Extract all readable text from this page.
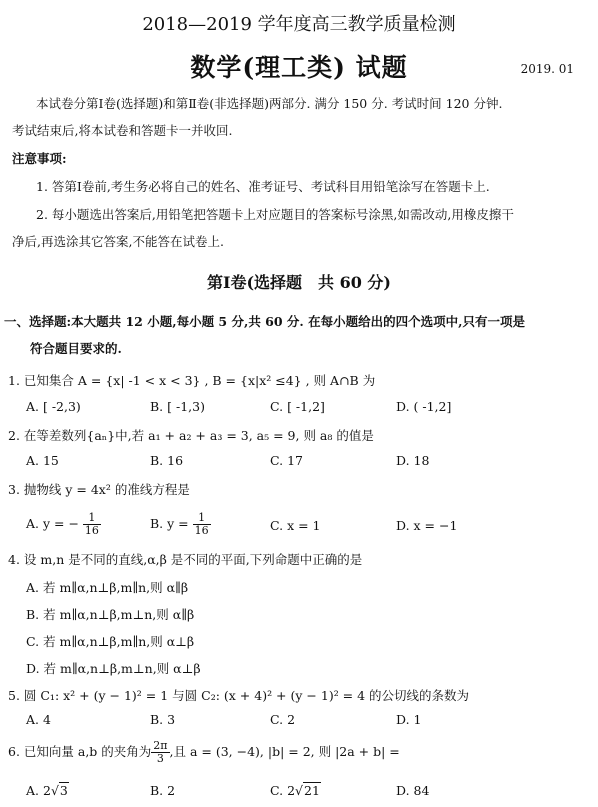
2018—2019 学年度高三教学质量检测
数学(理工类) 试题	2019. 01
本试卷分第Ⅰ卷(选择题)和第Ⅱ卷(非选择题)两部分. 满分 150 分. 考试时间 120 分钟.
考试结束后,将本试卷和答题卡一并收回.
注意事项:
1. 答第Ⅰ卷前,考生务必将自己的姓名、准考证号、考试科目用铅笔涂写在答题卡上.
2. 每小题选出答案后,用铅笔把答题卡上对应题目的答案标号涂黑,如需改动,用橡皮擦干
净后,再选涂其它答案,不能答在试卷上.
第Ⅰ卷(选择题　共 60 分)
一、选择题:本大题共 12 小题,每小题 5 分,共 60 分. 在每小题给出的四个选项中,只有一项是
符合题目要求的.
1. 已知集合 A = {x| -1 < x < 3} , B = {x|x² ≤4} , 则 A∩B 为
A. [ -2,3)	B. [ -1,3)	C. [ -1,2]	D. ( -1,2]
2. 在等差数列{aₙ}中,若 a₁ + a₂ + a₃ = 3, a₅ = 9, 则 a₈ 的值是
A. 15	B. 16	C. 17	D. 18
3. 抛物线 y = 4x² 的准线方程是
A. y = − $\frac{1}{16}$	B. $y = \frac{1}{16}$	C. x = 1	D. x = −1
4. 设 m,n 是不同的直线,α,β 是不同的平面,下列命题中正确的是
A. 若 m∥α,n⊥β,m∥n,则 α∥β
B. 若 m∥α,n⊥β,m⊥n,则 α∥β
C. 若 m∥α,n⊥β,m∥n,则 α⊥β
D. 若 m∥α,n⊥β,m⊥n,则 α⊥β
5. 圆 C₁: x² + (y − 1)² = 1 与圆 C₂: (x + 4)² + (y − 1)² = 4 的公切线的条数为
A. 4	B. 3	C. 2	D. 1
6. 已知向量 a,b 的夹角为 $\frac{2\pi}{3}$ ,且 a = (3, −4), |b| = 2, 则 |2a + b| =
A. 2√3	B. 2	C. 2√21	D. 84
